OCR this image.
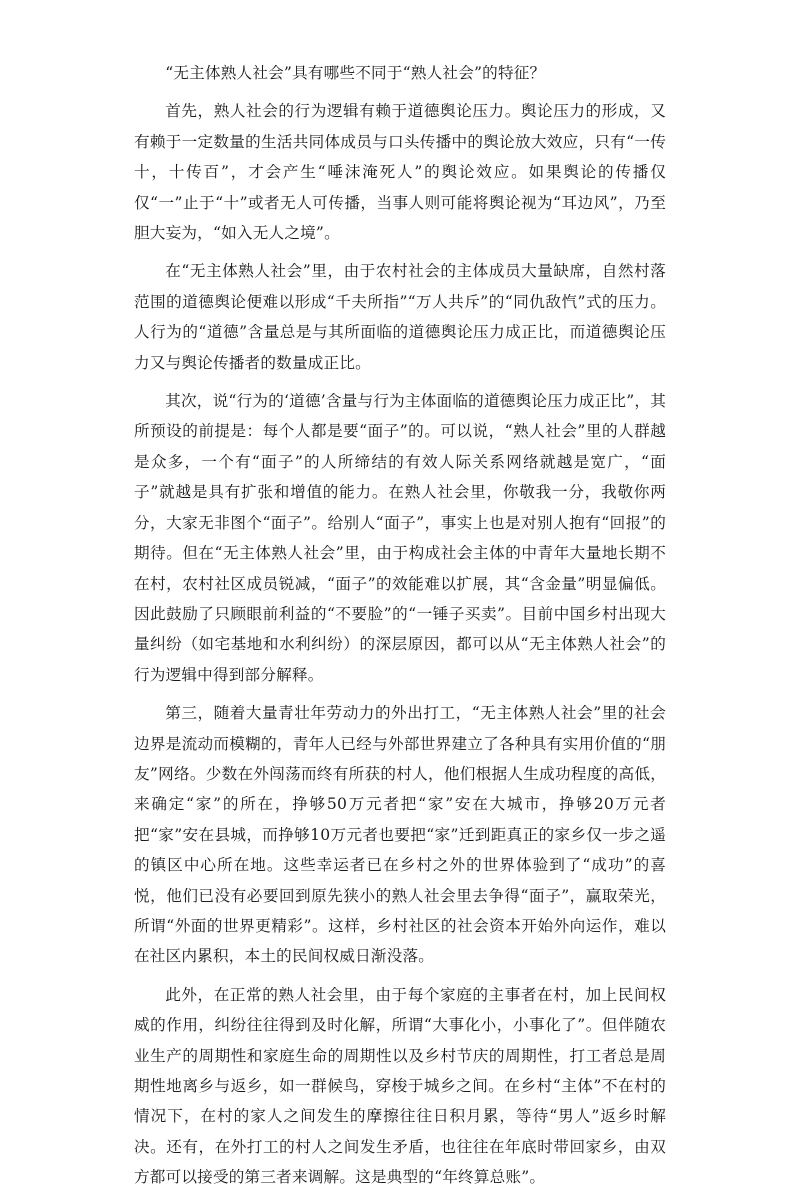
“无主体熟人社会”具有哪些不同于“熟人社会”的特征？

首先，熟人社会的行为逻辑有赖于道德舆论压力。舆论压力的形成，又有赖于一定数量的生活共同体成员与口头传播中的舆论放大效应，只有“一传十，十传百”，才会产生“唾沫淹死人”的舆论效应。如果舆论的传播仅仅“一”止于“十”或者无人可传播，当事人则可能将舆论视为“耳边风”，乃至胆大妄为，“如入无人之境”。

在“无主体熟人社会”里，由于农村社会的主体成员大量缺席，自然村落范围的道德舆论便难以形成“千夫所指”“万人共斥”的“同仇敌忾”式的压力。人行为的“道德”含量总是与其所面临的道德舆论压力成正比，而道德舆论压力又与舆论传播者的数量成正比。

其次，说“行为的‘道德’含量与行为主体面临的道德舆论压力成正比”，其所预设的前提是：每个人都是要“面子”的。可以说，“熟人社会”里的人群越是众多，一个有“面子”的人所缔结的有效人际关系网络就越是宽广，“面子”就越是具有扩张和增值的能力。在熟人社会里，你敬我一分，我敬你两分，大家无非图个“面子”。给别人“面子”，事实上也是对别人抱有“回报”的期待。但在“无主体熟人社会”里，由于构成社会主体的中青年大量地长期不在村，农村社区成员锐减，“面子”的效能难以扩展，其“含金量”明显偏低。因此鼓励了只顾眼前利益的“不要脸”的“一锤子买卖”。目前中国乡村出现大量纠纷（如宅基地和水利纠纷）的深层原因，都可以从“无主体熟人社会”的行为逻辑中得到部分解释。

第三，随着大量青壮年劳动力的外出打工，“无主体熟人社会”里的社会边界是流动而模糊的，青年人已经与外部世界建立了各种具有实用价值的“朋友”网络。少数在外闯荡而终有所获的村人，他们根据人生成功程度的高低，来确定“家”的所在，挣够50万元者把“家”安在大城市，挣够20万元者把“家”安在县城，而挣够10万元者也要把“家”迁到距真正的家乡仅一步之遥的镇区中心所在地。这些幸运者已在乡村之外的世界体验到了“成功”的喜悦，他们已没有必要回到原先狭小的熟人社会里去争得“面子”，赢取荣光，所谓“外面的世界更精彩”。这样，乡村社区的社会资本开始外向运作，难以在社区内累积，本土的民间权威日渐没落。

此外，在正常的熟人社会里，由于每个家庭的主事者在村，加上民间权威的作用，纠纷往往得到及时化解，所谓“大事化小，小事化了”。但伴随农业生产的周期性和家庭生命的周期性以及乡村节庆的周期性，打工者总是周期性地离乡与返乡，如一群候鸟，穿梭于城乡之间。在乡村“主体”不在村的情况下，在村的家人之间发生的摩擦往往日积月累，等待“男人”返乡时解决。还有，在外打工的村人之间发生矛盾，也往往在年底时带回家乡，由双方都可以接受的第三者来调解。这是典型的“年终算总账”。
